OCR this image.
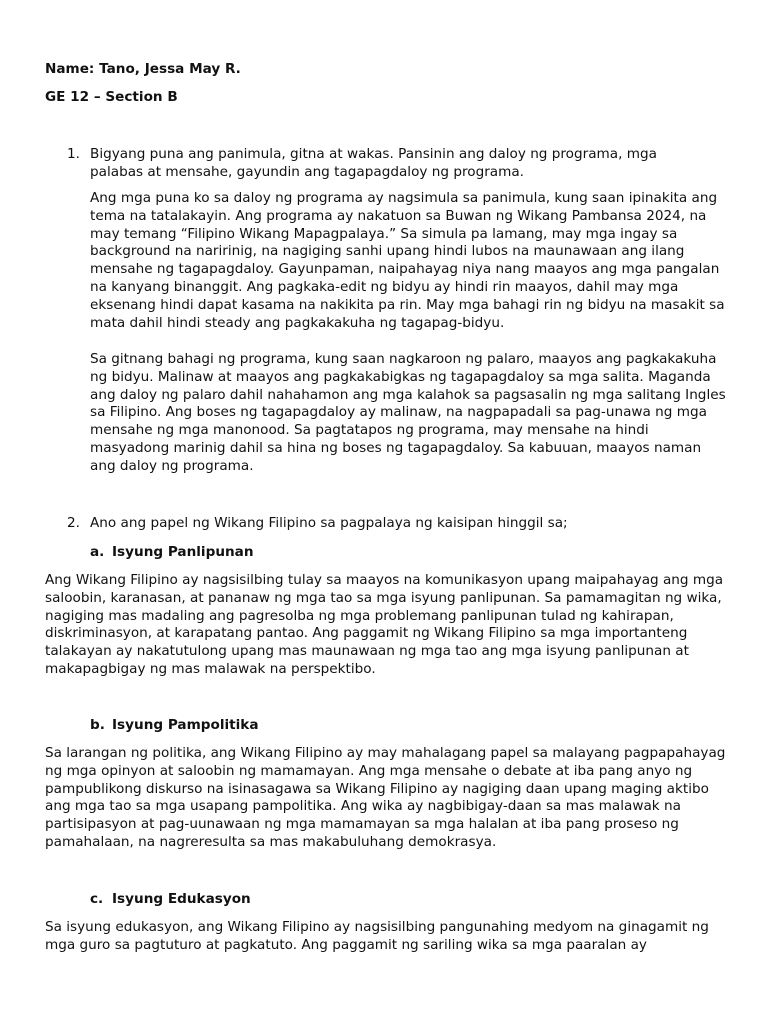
Name: Tano, Jessa May R.

GE 12 – Section B

1. Bigyang puna ang panimula, gitna at wakas. Pansinin ang daloy ng programa, mga palabas at mensahe, gayundin ang tagapagdaloy ng programa.

Ang mga puna ko sa daloy ng programa ay nagsimula sa panimula, kung saan ipinakita ang tema na tatalakayin. Ang programa ay nakatuon sa Buwan ng Wikang Pambansa 2024, na may temang “Filipino Wikang Mapagpalaya.” Sa simula pa lamang, may mga ingay sa background na naririnig, na nagiging sanhi upang hindi lubos na maunawaan ang ilang mensahe ng tagapagdaloy. Gayunpaman, naipahayag niya nang maayos ang mga pangalan na kanyang binanggit. Ang pagkaka-edit ng bidyu ay hindi rin maayos, dahil may mga eksenang hindi dapat kasama na nakikita pa rin. May mga bahagi rin ng bidyu na masakit sa mata dahil hindi steady ang pagkakakuha ng tagapag-bidyu.

Sa gitnang bahagi ng programa, kung saan nagkaroon ng palaro, maayos ang pagkakakuha ng bidyu. Malinaw at maayos ang pagkakabigkas ng tagapagdaloy sa mga salita. Maganda ang daloy ng palaro dahil nahahamon ang mga kalahok sa pagsasalin ng mga salitang Ingles sa Filipino. Ang boses ng tagapagdaloy ay malinaw, na nagpapadali sa pag-unawa ng mga mensahe ng mga manonood. Sa pagtatapos ng programa, may mensahe na hindi masyadong marinig dahil sa hina ng boses ng tagapagdaloy. Sa kabuuan, maayos naman ang daloy ng programa.

2. Ano ang papel ng Wikang Filipino sa pagpalaya ng kaisipan hinggil sa;

a. Isyung Panlipunan

Ang Wikang Filipino ay nagsisilbing tulay sa maayos na komunikasyon upang maipahayag ang mga saloobin, karanasan, at pananaw ng mga tao sa mga isyung panlipunan. Sa pamamagitan ng wika, nagiging mas madaling ang pagresolba ng mga problemang panlipunan tulad ng kahirapan, diskriminasyon, at karapatang pantao. Ang paggamit ng Wikang Filipino sa mga importanteng talakayan ay nakatutulong upang mas maunawaan ng mga tao ang mga isyung panlipunan at makapagbigay ng mas malawak na perspektibo.

b. Isyung Pampolitika

Sa larangan ng politika, ang Wikang Filipino ay may mahalagang papel sa malayang pagpapahayag ng mga opinyon at saloobin ng mamamayan. Ang mga mensahe o debate at iba pang anyo ng pampublikong diskurso na isinasagawa sa Wikang Filipino ay nagiging daan upang maging aktibo ang mga tao sa mga usapang pampolitika. Ang wika ay nagbibigay-daan sa mas malawak na partisipasyon at pag-uunawaan ng mga mamamayan sa mga halalan at iba pang proseso ng pamahalaan, na nagreresulta sa mas makabuluhang demokrasya.

c. Isyung Edukasyon

Sa isyung edukasyon, ang Wikang Filipino ay nagsisilbing pangunahing medyom na ginagamit ng mga guro sa pagtuturo at pagkatuto. Ang paggamit ng sariling wika sa mga paaralan ay
